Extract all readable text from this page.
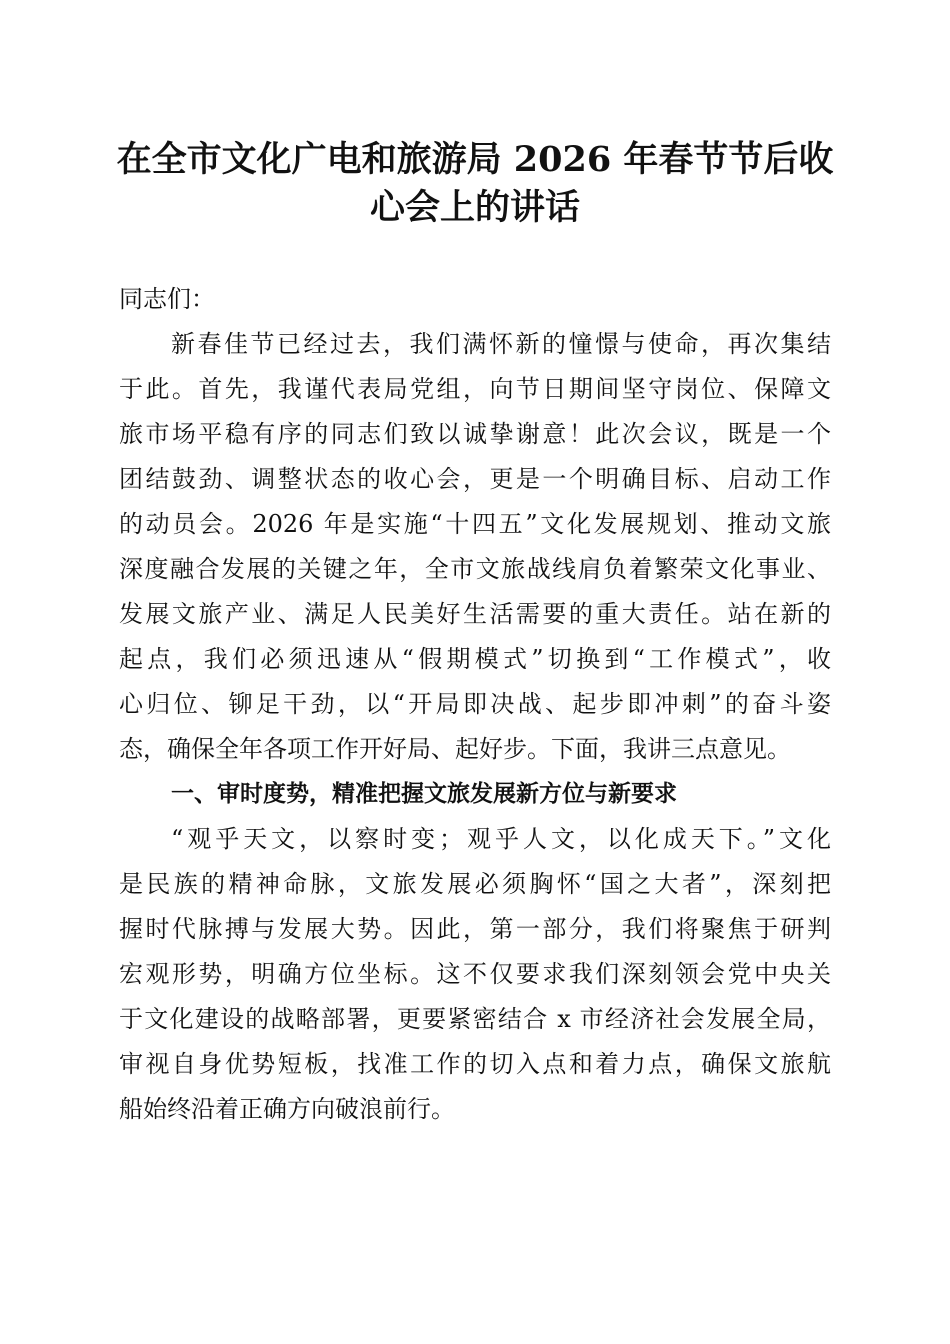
在全市文化广电和旅游局 2026 年春节节后收
心会上的讲话
同志们：
新春佳节已经过去，我们满怀新的憧憬与使命，再次集结
于此。首先，我谨代表局党组，向节日期间坚守岗位、保障文
旅市场平稳有序的同志们致以诚挚谢意！此次会议，既是一个
团结鼓劲、调整状态的收心会，更是一个明确目标、启动工作
的动员会。2026 年是实施“十四五”文化发展规划、推动文旅
深度融合发展的关键之年，全市文旅战线肩负着繁荣文化事业、
发展文旅产业、满足人民美好生活需要的重大责任。站在新的
起点，我们必须迅速从“假期模式”切换到“工作模式”，收
心归位、铆足干劲，以“开局即决战、起步即冲刺”的奋斗姿
态，确保全年各项工作开好局、起好步。下面，我讲三点意见。
一、审时度势，精准把握文旅发展新方位与新要求
“观乎天文，以察时变；观乎人文，以化成天下。”文化
是民族的精神命脉，文旅发展必须胸怀“国之大者”，深刻把
握时代脉搏与发展大势。因此，第一部分，我们将聚焦于研判
宏观形势，明确方位坐标。这不仅要求我们深刻领会党中央关
于文化建设的战略部署，更要紧密结合 x 市经济社会发展全局，
审视自身优势短板，找准工作的切入点和着力点，确保文旅航
船始终沿着正确方向破浪前行。
